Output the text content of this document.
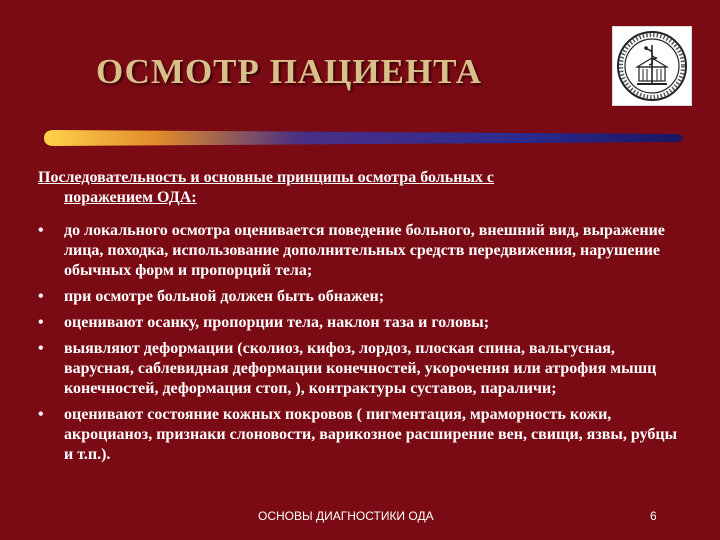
ОСМОТР ПАЦИЕНТА
Последовательность и основные принципы осмотра больных с
поражением ОДА:
•	до локального осмотра оценивается поведение больного, внешний вид, выражение лица, походка, использование дополнительных средств передвижения, нарушение обычных форм и пропорций тела;
•	при осмотре больной должен быть обнажен;
•	оценивают осанку, пропорции тела, наклон таза и головы;
•	выявляют деформации (сколиоз, кифоз, лордоз, плоская спина, вальгусная, варусная, саблевидная деформации конечностей, укорочения или атрофия мышц конечностей, деформация стоп, ), контрактуры суставов, параличи;
•	оценивают состояние кожных покровов ( пигментация, мраморность кожи, акроцианоз, признаки слоновости, варикозное расширение вен, свищи, язвы, рубцы и т.п.).
ОСНОВЫ ДИАГНОСТИКИ ОДА	6
